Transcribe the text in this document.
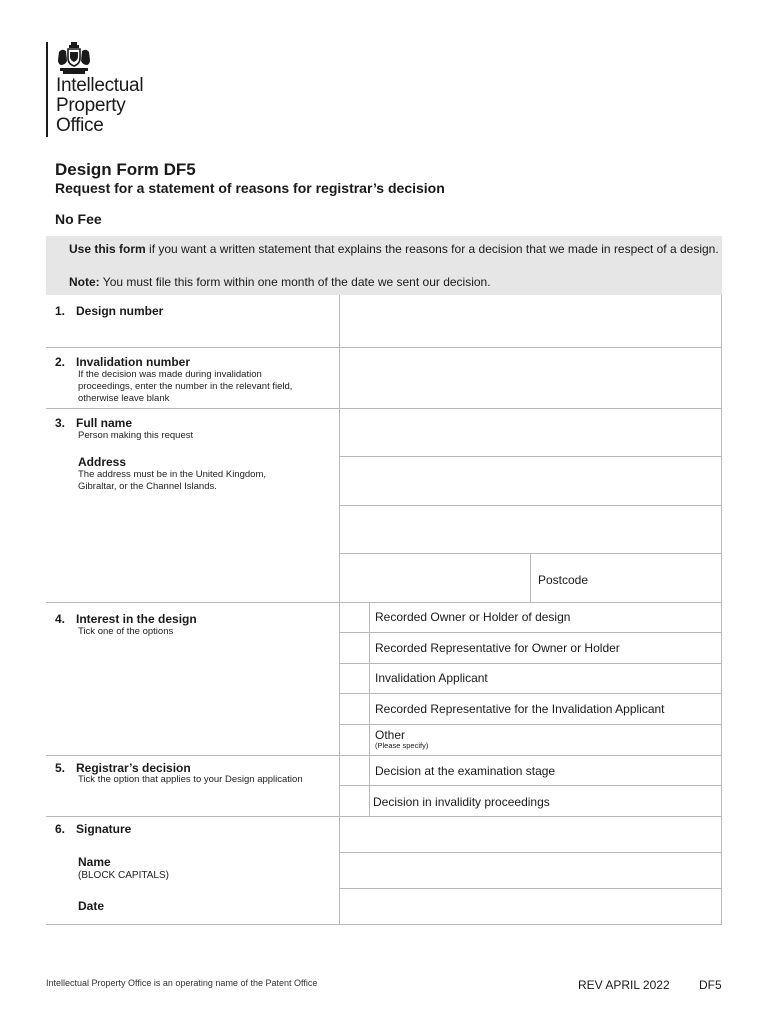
Intellectual
Property
Office
Design Form DF5
Request for a statement of reasons for registrar’s decision
No Fee

Use this form if you want a written statement that explains the reasons for a decision that we made in respect of a design.

Note: You must file this form within one month of the date we sent our decision.

1. Design number
2. Invalidation number
If the decision was made during invalidation
proceedings, enter the number in the relevant field,
otherwise leave blank
3. Full name
Person making this request
Address
The address must be in the United Kingdom,
Gibraltar, or the Channel Islands.
Postcode
4. Interest in the design
Tick one of the options
Recorded Owner or Holder of design
Recorded Representative for Owner or Holder
Invalidation Applicant
Recorded Representative for the Invalidation Applicant
Other
(Please specify)
5. Registrar’s decision
Tick the option that applies to your Design application
Decision at the examination stage
Decision in invalidity proceedings
6. Signature
Name
(BLOCK CAPITALS)
Date
Intellectual Property Office is an operating name of the Patent Office	REV APRIL 2022 DF5
